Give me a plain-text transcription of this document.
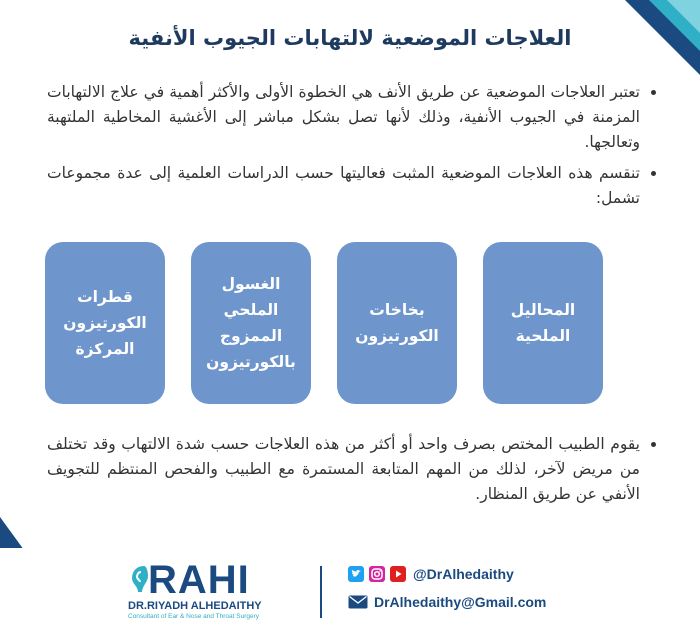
العلاجات الموضعية لالتهابات الجيوب الأنفية
• تعتبر العلاجات الموضعية عن طريق الأنف هي الخطوة الأولى والأكثر أهمية في علاج الالتهابات المزمنة في الجيوب الأنفية، وذلك لأنها تصل بشكل مباشر إلى الأغشية المخاطية الملتهبة وتعالجها.
• تنقسم هذه العلاجات الموضعية المثبت فعاليتها حسب الدراسات العلمية إلى عدة مجموعات تشمل:
المحاليل الملحية
بخاخات الكورتيزون
الغسول الملحي الممزوج بالكورتيزون
قطرات الكورتيزون المركزة
• يقوم الطبيب المختص بصرف واحد أو أكثر من هذه العلاجات حسب شدة الالتهاب وقد تختلف من مريض لآخر، لذلك من المهم المتابعة المستمرة مع الطبيب والفحص المنتظم للتجويف الأنفي عن طريق المنظار.
RAHI
DR.RIYADH ALHEDAITHY
Consultant of Ear & Nose and Throat Surgery
@DrAlhedaithy
DrAlhedaithy@Gmail.com
